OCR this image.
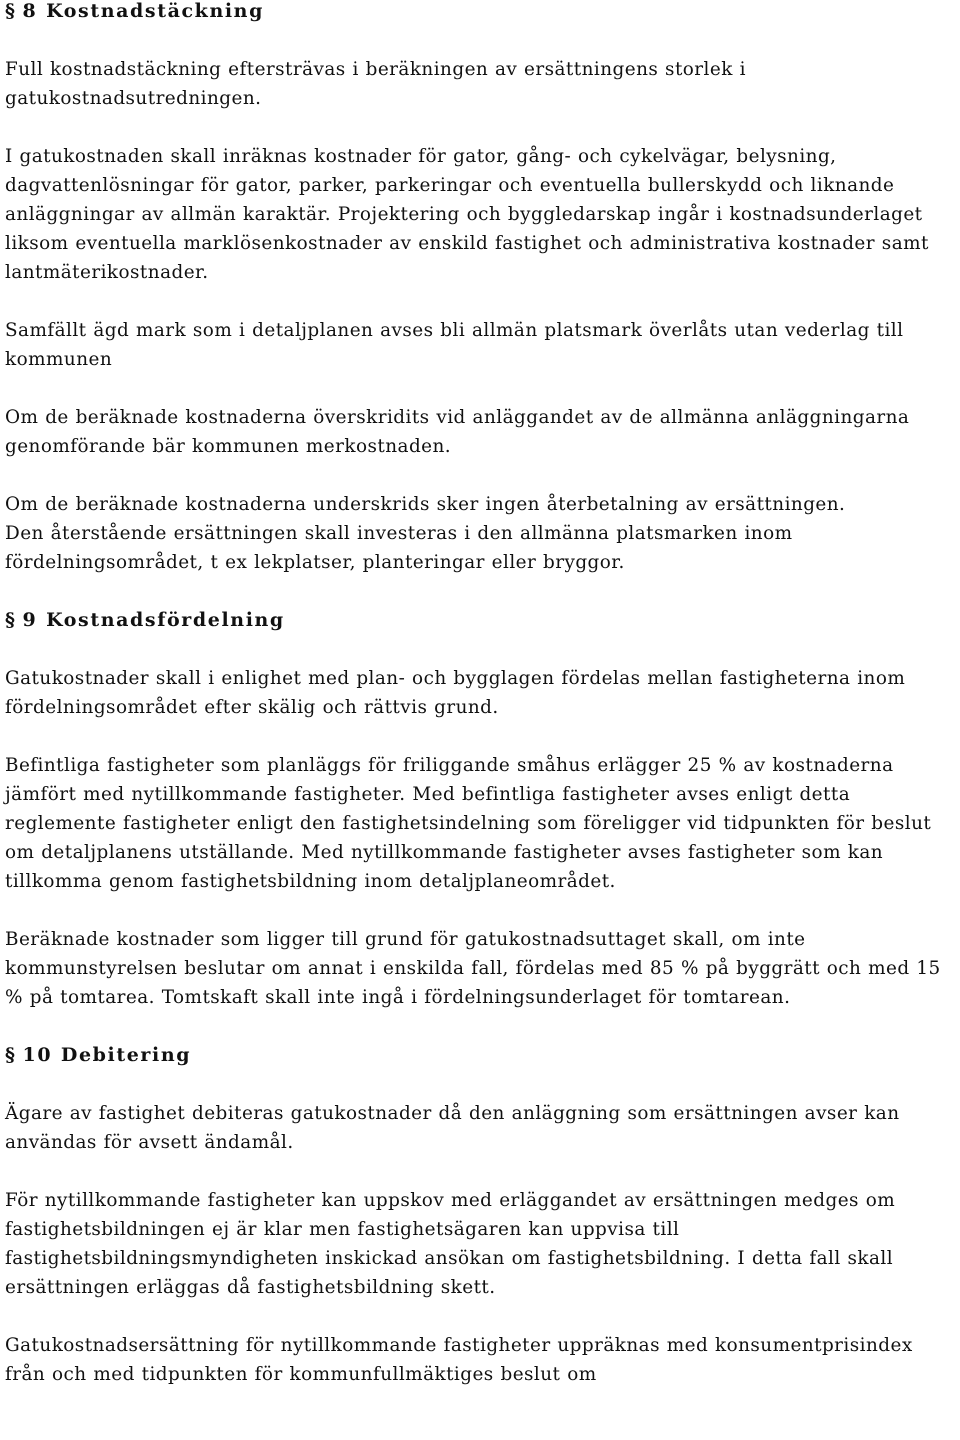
§ 8 Kostnadstäckning

Full kostnadstäckning eftersträvas i beräkningen av ersättningens storlek i gatukostnadsutredningen.

I gatukostnaden skall inräknas kostnader för gator, gång- och cykelvägar, belysning, dagvattenlösningar för gator, parker, parkeringar och eventuella bullerskydd och liknande anläggningar av allmän karaktär. Projektering och byggledarskap ingår i kostnadsunderlaget liksom eventuella marklösenkostnader av enskild fastighet och administrativa kostnader samt lantmäterikostnader.

Samfällt ägd mark som i detaljplanen avses bli allmän platsmark överlåts utan vederlag till kommunen

Om de beräknade kostnaderna överskridits vid anläggandet av de allmänna anläggningarna genomförande bär kommunen merkostnaden.

Om de beräknade kostnaderna underskrids sker ingen återbetalning av ersättningen.

Den återstående ersättningen skall investeras i den allmänna platsmarken inom fördelningsområdet, t ex lekplatser, planteringar eller bryggor.

§ 9 Kostnadsfördelning

Gatukostnader skall i enlighet med plan- och bygglagen fördelas mellan fastigheterna inom fördelningsområdet efter skälig och rättvis grund.

Befintliga fastigheter som planläggs för friliggande småhus erlägger 25 % av kostnaderna jämfört med nytillkommande fastigheter. Med befintliga fastigheter avses enligt detta reglemente fastigheter enligt den fastighetsindelning som föreligger vid tidpunkten för beslut om detaljplanens utställande. Med nytillkommande fastigheter avses fastigheter som kan tillkomma genom fastighetsbildning inom detaljplaneområdet.

Beräknade kostnader som ligger till grund för gatukostnadsuttaget skall, om inte kommunstyrelsen beslutar om annat i enskilda fall, fördelas med 85 % på byggrätt och med 15 % på tomtarea. Tomtskaft skall inte ingå i fördelningsunderlaget för tomtarean.

§ 10 Debitering

Ägare av fastighet debiteras gatukostnader då den anläggning som ersättningen avser kan användas för avsett ändamål.

För nytillkommande fastigheter kan uppskov med erläggandet av ersättningen medges om fastighetsbildningen ej är klar men fastighetsägaren kan uppvisa till fastighetsbildningsmyndigheten inskickad ansökan om fastighetsbildning. I detta fall skall ersättningen erläggas då fastighetsbildning skett.

Gatukostnadsersättning för nytillkommande fastigheter uppräknas med konsumentprisindex från och med tidpunkten för kommunfullmäktiges beslut om
